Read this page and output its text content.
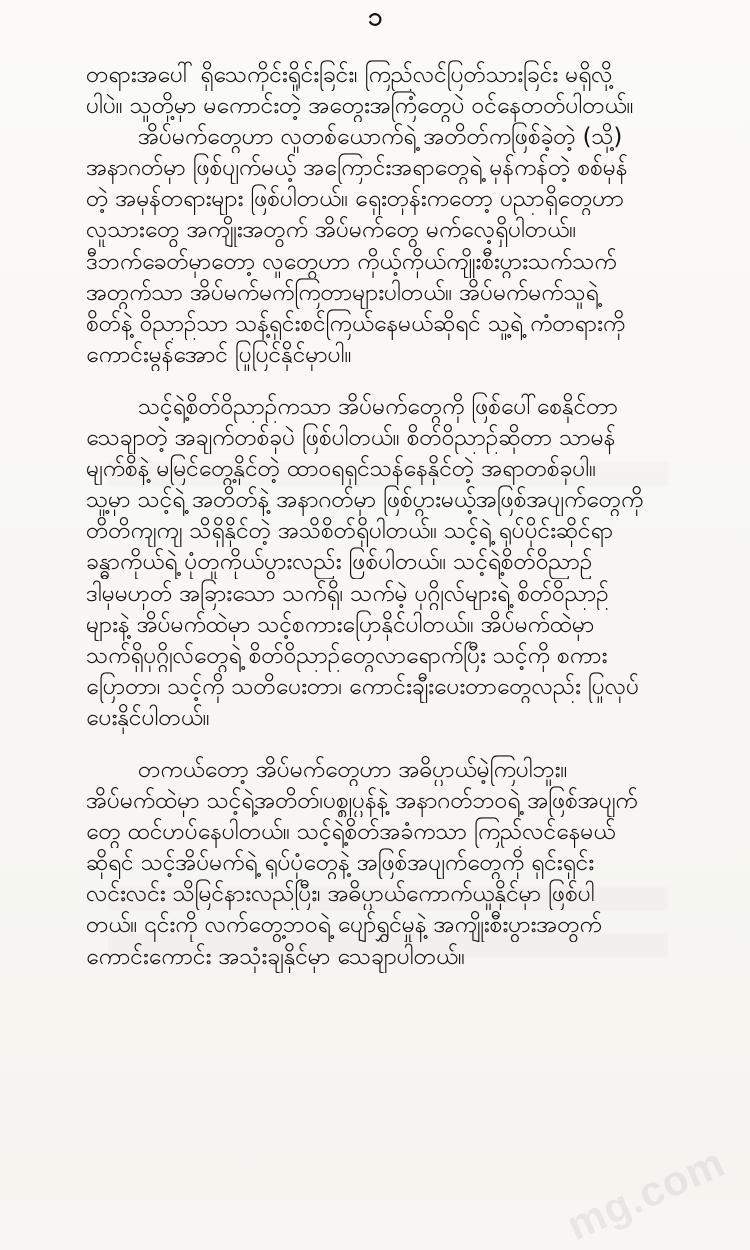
၁
တရားအပေါ် ရှိသေကိုင်းရှိုင်းခြင်း၊ ကြည်လင်ပြတ်သားခြင်း မရှိလို့
ပါပဲ။ သူတို့မှာ မကောင်းတဲ့ အတွေးအကြံတွေပဲ ဝင်နေတတ်ပါတယ်။
အိပ်မက်တွေဟာ လူတစ်ယောက်ရဲ့ အတိတ်ကဖြစ်ခဲ့တဲ့ (သို့)
အနာဂတ်မှာ ဖြစ်ပျက်မယ့် အကြောင်းအရာတွေရဲ့ မှန်ကန်တဲ့ စစ်မှန်
တဲ့ အမှန်တရားများ ဖြစ်ပါတယ်။ ရှေးတုန်းကတော့ ပညာရှိတွေဟာ
လူသားတွေ အကျိုးအတွက် အိပ်မက်တွေ မက်လေ့ရှိပါတယ်။
ဒီဘက်ခေတ်မှာတော့ လူတွေဟာ ကိုယ့်ကိုယ်ကျိုးစီးပွားသက်သက်
အတွက်သာ အိပ်မက်မက်ကြတာများပါတယ်။ အိပ်မက်မက်သူရဲ့
စိတ်နဲ့ ဝိညာဉ်သာ သန့်ရှင်းစင်ကြယ်နေမယ်ဆိုရင် သူ့ရဲ့ ကံတရားကို
ကောင်းမွန်အောင် ပြုပြင်နိုင်မှာပါ။
သင့်ရဲ့စိတ်ဝိညာဉ်ကသာ အိပ်မက်တွေကို ဖြစ်ပေါ်စေနိုင်တာ
သေချာတဲ့ အချက်တစ်ခုပဲ ဖြစ်ပါတယ်။ စိတ်ဝိညာဉ်ဆိုတာ သာမန်
မျက်စိနဲ့ မမြင်တွေ့နိုင်တဲ့ ထာဝရရှင်သန်နေနိုင်တဲ့ အရာတစ်ခုပါ။
သူ့မှာ သင့်ရဲ့ အတိတ်နဲ့ အနာဂတ်မှာ ဖြစ်ပွားမယ့်အဖြစ်အပျက်တွေကို
တိတိကျကျ သိရှိနိုင်တဲ့ အသိစိတ်ရှိပါတယ်။ သင့်ရဲ့ ရုပ်ပိုင်းဆိုင်ရာ
ခန္ဓာကိုယ်ရဲ့ ပုံတူကိုယ်ပွားလည်း ဖြစ်ပါတယ်။ သင့်ရဲ့စိတ်ဝိညာဉ်
ဒါမှမဟုတ် အခြားသော သက်ရှိ၊ သက်မဲ့ ပုဂ္ဂိုလ်များရဲ့ စိတ်ဝိညာဉ်
များနဲ့ အိပ်မက်ထဲမှာ သင့်စကားပြောနိုင်ပါတယ်။ အိပ်မက်ထဲမှာ
သက်ရှိပုဂ္ဂိုလ်တွေရဲ့ စိတ်ဝိညာဉ်တွေလာရောက်ပြီး သင့်ကို စကား
ပြောတာ၊ သင့်ကို သတိပေးတာ၊ ကောင်းချီးပေးတာတွေလည်း ပြုလုပ်
ပေးနိုင်ပါတယ်။
တကယ်တော့ အိပ်မက်တွေဟာ အဓိပ္ပာယ်မဲ့ကြပါဘူး။
အိပ်မက်ထဲမှာ သင့်ရဲ့အတိတ်၊ပစ္စုပ္ပန်နဲ့ အနာဂတ်ဘဝရဲ့ အဖြစ်အပျက်
တွေ ထင်ဟပ်နေပါတယ်။ သင့်ရဲ့စိတ်အခံကသာ ကြည်လင်နေမယ်
ဆိုရင် သင့်အိပ်မက်ရဲ့ ရုပ်ပုံတွေနဲ့ အဖြစ်အပျက်တွေကို ရှင်းရှင်း
လင်းလင်း သိမြင်နားလည်ပြီး၊ အဓိပ္ပာယ်ကောက်ယူနိုင်မှာ ဖြစ်ပါ
တယ်။ ၎င်းကို လက်တွေ့ဘဝရဲ့ ပျော်ရွှင်မှုနဲ့ အကျိုးစီးပွားအတွက်
ကောင်းကောင်း အသုံးချနိုင်မှာ သေချာပါတယ်။
mg.com
